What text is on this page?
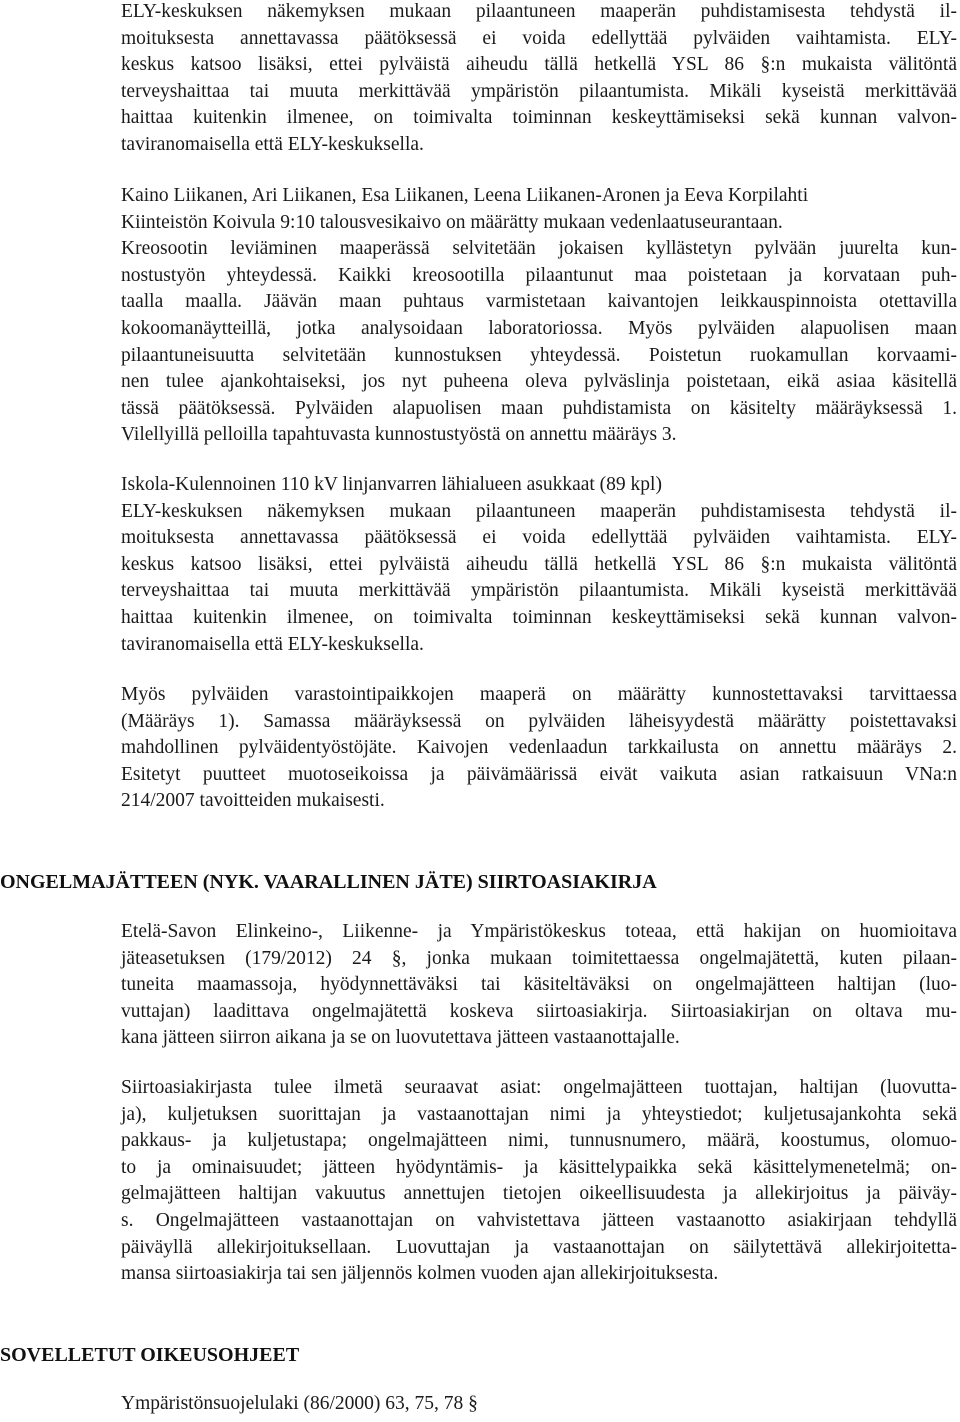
ELY-keskuksen näkemyksen mukaan pilaantuneen maaperän puhdistamisesta tehdystä il-
moituksesta annettavassa päätöksessä ei voida edellyttää pylväiden vaihtamista. ELY-
keskus katsoo lisäksi, ettei pylväistä aiheudu tällä hetkellä YSL 86 §:n mukaista välitöntä
terveyshaittaa tai muuta merkittävää ympäristön pilaantumista. Mikäli kyseistä merkittävää
haittaa kuitenkin ilmenee, on toimivalta toiminnan keskeyttämiseksi sekä kunnan valvon-
taviranomaisella että ELY-keskuksella.
Kaino Liikanen, Ari Liikanen, Esa Liikanen, Leena Liikanen-Aronen ja Eeva Korpilahti
Kiinteistön Koivula 9:10 talousvesikaivo on määrätty mukaan vedenlaatuseurantaan.
Kreosootin leviäminen maaperässä selvitetään jokaisen kyllästetyn pylvään juurelta kun-
nostustyön yhteydessä. Kaikki kreosootilla pilaantunut maa poistetaan ja korvataan puh-
taalla maalla. Jäävän maan puhtaus varmistetaan kaivantojen leikkauspinnoista otettavilla
kokoomanäytteillä, jotka analysoidaan laboratoriossa. Myös pylväiden alapuolisen maan
pilaantuneisuutta selvitetään kunnostuksen yhteydessä. Poistetun ruokamullan korvaami-
nen tulee ajankohtaiseksi, jos nyt puheena oleva pylväslinja poistetaan, eikä asiaa käsitellä
tässä päätöksessä. Pylväiden alapuolisen maan puhdistamista on käsitelty määräyksessä 1.
Vilellyillä pelloilla tapahtuvasta kunnostustyöstä on annettu määräys 3.
Iskola-Kulennoinen 110 kV linjanvarren lähialueen asukkaat (89 kpl)
ELY-keskuksen näkemyksen mukaan pilaantuneen maaperän puhdistamisesta tehdystä il-
moituksesta annettavassa päätöksessä ei voida edellyttää pylväiden vaihtamista. ELY-
keskus katsoo lisäksi, ettei pylväistä aiheudu tällä hetkellä YSL 86 §:n mukaista välitöntä
terveyshaittaa tai muuta merkittävää ympäristön pilaantumista. Mikäli kyseistä merkittävää
haittaa kuitenkin ilmenee, on toimivalta toiminnan keskeyttämiseksi sekä kunnan valvon-
taviranomaisella että ELY-keskuksella.
Myös pylväiden varastointipaikkojen maaperä on määrätty kunnostettavaksi tarvittaessa
(Määräys 1). Samassa määräyksessä on pylväiden läheisyydestä määrätty poistettavaksi
mahdollinen pylväidentyöstöjäte. Kaivojen vedenlaadun tarkkailusta on annettu määräys 2.
Esitetyt puutteet muotoseikoissa ja päivämäärissä eivät vaikuta asian ratkaisuun VNa:n
214/2007 tavoitteiden mukaisesti.
ONGELMAJÄTTEEN (NYK. VAARALLINEN JÄTE) SIIRTOASIAKIRJA
Etelä-Savon Elinkeino-, Liikenne- ja Ympäristökeskus toteaa, että hakijan on huomioitava
jäteasetuksen (179/2012) 24 §, jonka mukaan toimitettaessa ongelmajätettä, kuten pilaan-
tuneita maamassoja, hyödynnettäväksi tai käsiteltäväksi on ongelmajätteen haltijan (luo-
vuttajan) laadittava ongelmajätettä koskeva siirtoasiakirja. Siirtoasiakirjan on oltava mu-
kana jätteen siirron aikana ja se on luovutettava jätteen vastaanottajalle.
Siirtoasiakirjasta tulee ilmetä seuraavat asiat: ongelmajätteen tuottajan, haltijan (luovutta-
ja), kuljetuksen suorittajan ja vastaanottajan nimi ja yhteystiedot; kuljetusajankohta sekä
pakkaus- ja kuljetustapa; ongelmajätteen nimi, tunnusnumero, määrä, koostumus, olomuo-
to ja ominaisuudet; jätteen hyödyntämis- ja käsittelypaikka sekä käsittelymenetelmä; on-
gelmajätteen haltijan vakuutus annettujen tietojen oikeellisuudesta ja allekirjoitus ja päiväy-
s. Ongelmajätteen vastaanottajan on vahvistettava jätteen vastaanotto asiakirjaan tehdyllä
päiväyllä allekirjoituksellaan. Luovuttajan ja vastaanottajan on säilytettävä allekirjoitetta-
mansa siirtoasiakirja tai sen jäljennös kolmen vuoden ajan allekirjoituksesta.
SOVELLETUT OIKEUSOHJEET
Ympäristönsuojelulaki (86/2000) 63, 75, 78 §
